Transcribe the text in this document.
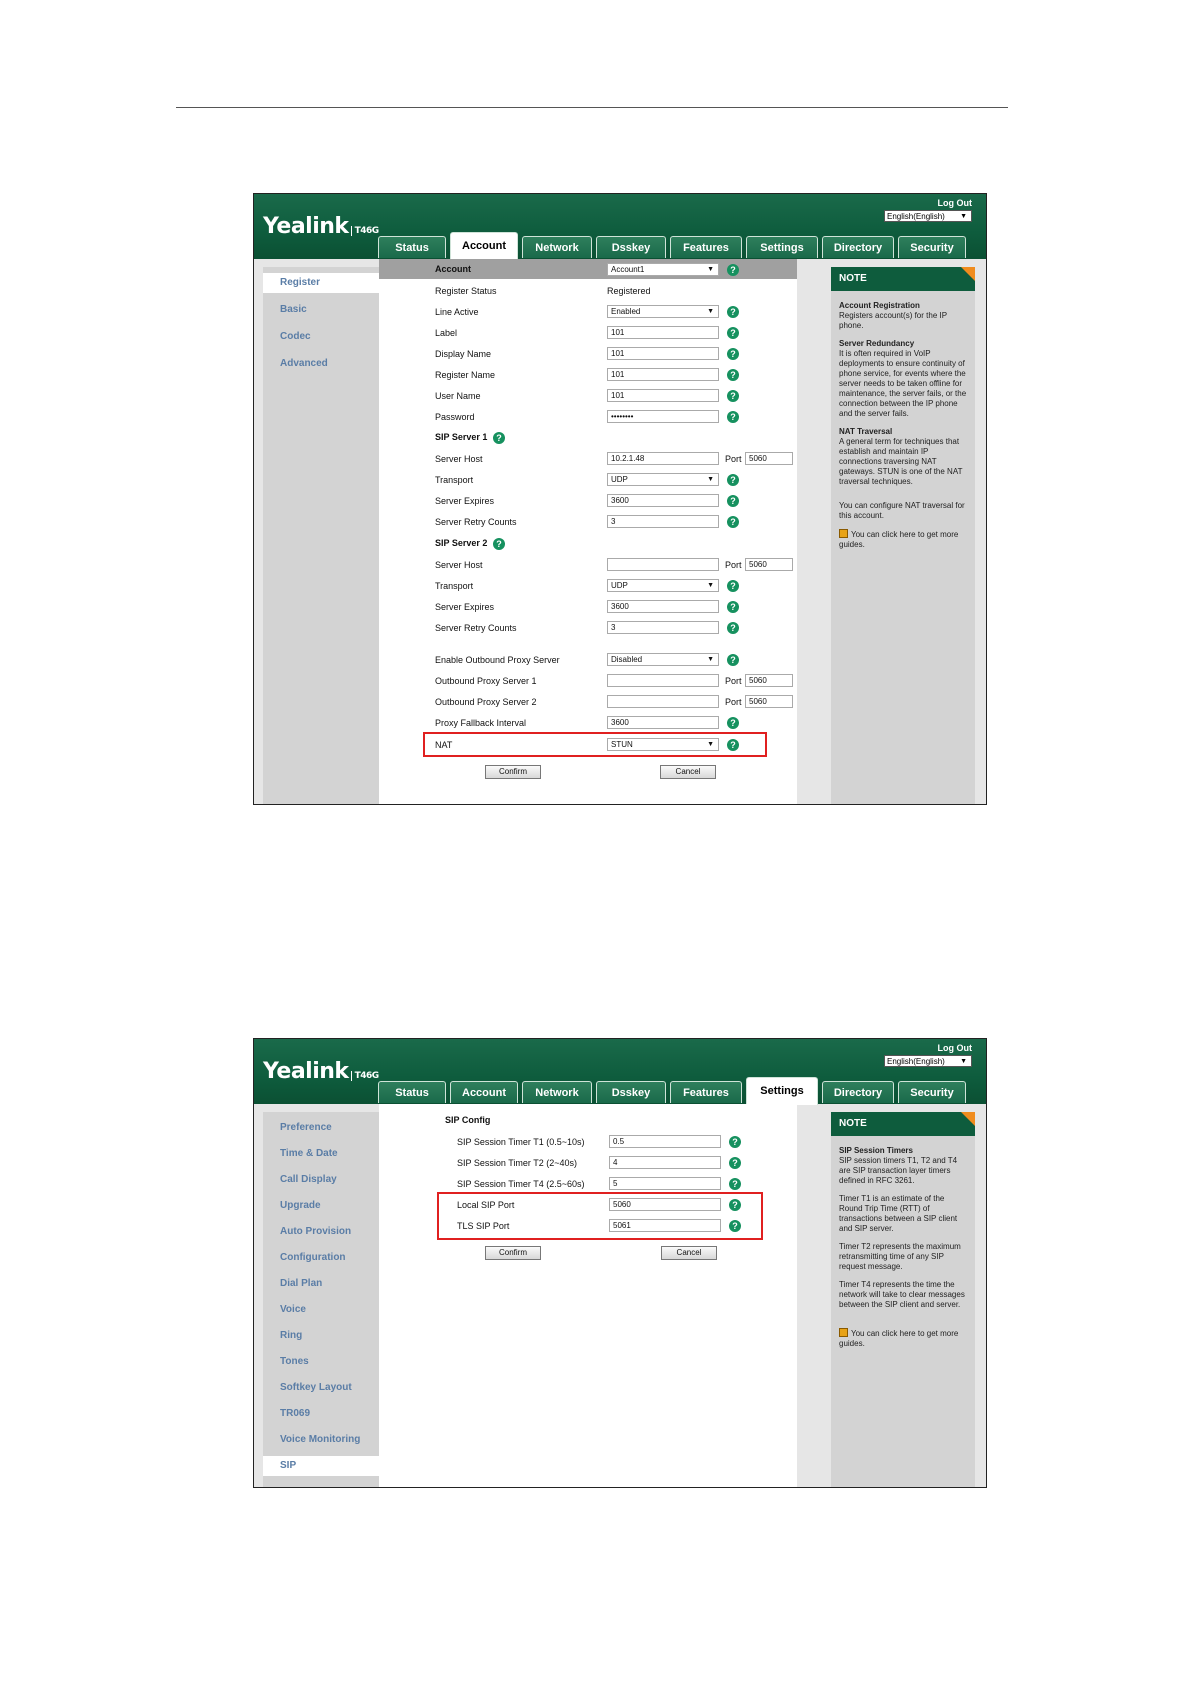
Yealink T46G
Log Out
English(English) ▼
Status	Account	Network	Dsskey	Features	Settings	Directory	Security
Register
Basic
Codec
Advanced
Account	Account1	▼	?
Register Status	Registered
Line Active	Enabled	▼	?
Label	101	?
Display Name	101	?
Register Name	101	?
User Name	101	?
Password	••••••••	?
SIP Server 1 ?
Server Host	10.2.1.48	Port 5060
Transport	UDP	▼	?
Server Expires	3600	?
Server Retry Counts	3	?
SIP Server 2 ?
Server Host	Port 5060
Transport	UDP	▼	?
Server Expires	3600	?
Server Retry Counts	3	?
Enable Outbound Proxy Server	Disabled	▼	?
Outbound Proxy Server 1	Port 5060
Outbound Proxy Server 2	Port 5060
Proxy Fallback Interval	3600	?
NAT	STUN	▼	?
Confirm	Cancel
NOTE
Account Registration

Registers account(s) for the IP phone.

Server Redundancy

It is often required in VoIP deployments to ensure continuity of phone service, for events where the server needs to be taken offline for maintenance, the server fails, or the connection between the IP phone and the server fails.

NAT Traversal

A general term for techniques that establish and maintain IP connections traversing NAT gateways. STUN is one of the NAT traversal techniques.

You can configure NAT traversal for this account.

You can click here to get more guides.

Yealink T46G
Log Out
English(English) ▼
Status	Account	Network	Dsskey	Features	Settings	Directory	Security
Preference
Time & Date
Call Display
Upgrade
Auto Provision
Configuration
Dial Plan
Voice
Ring
Tones
Softkey Layout
TR069
Voice Monitoring
SIP
SIP Config
SIP Session Timer T1 (0.5~10s)	0.5	?
SIP Session Timer T2 (2~40s)	4	?
SIP Session Timer T4 (2.5~60s)	5	?
Local SIP Port	5060	?
TLS SIP Port	5061	?
Confirm	Cancel
NOTE
SIP Session Timers

SIP session timers T1, T2 and T4 are SIP transaction layer timers defined in RFC 3261.

Timer T1 is an estimate of the Round Trip Time (RTT) of transactions between a SIP client and SIP server.

Timer T2 represents the maximum retransmitting time of any SIP request message.

Timer T4 represents the time the network will take to clear messages between the SIP client and server.

You can click here to get more guides.
